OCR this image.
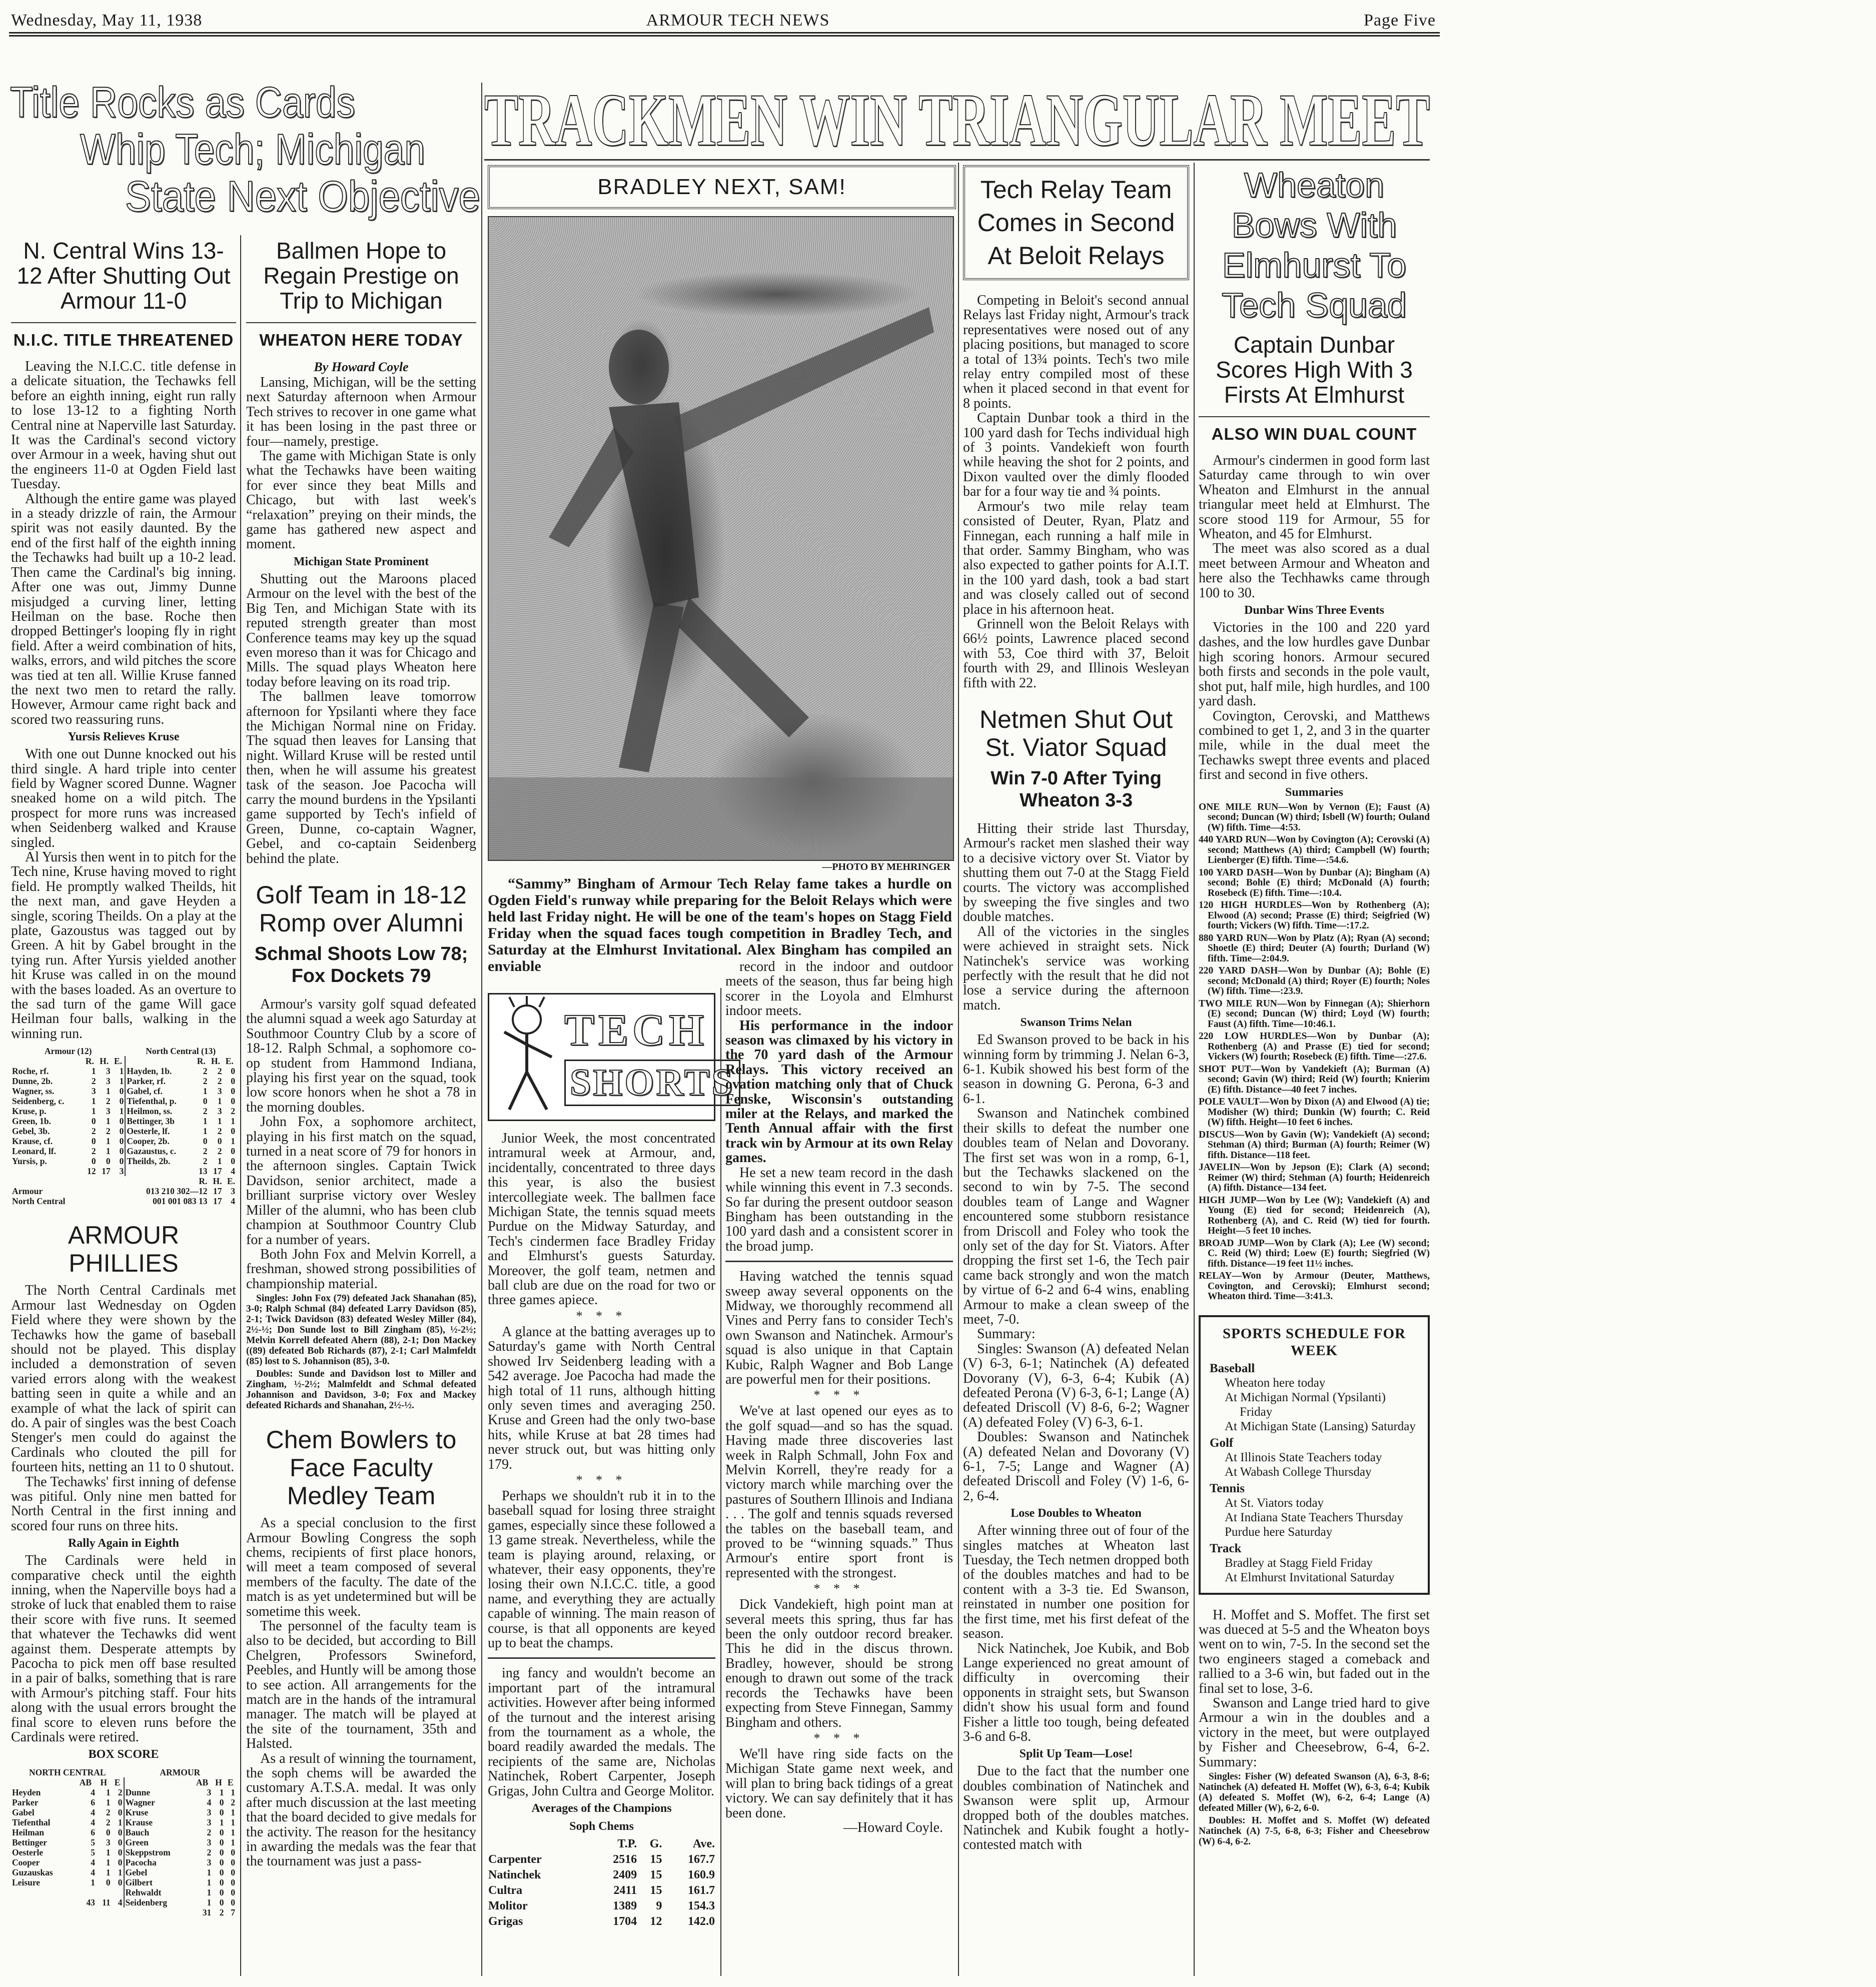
Wednesday, May 11, 1938	ARMOUR TECH NEWS	Page Five
Title Rocks as Cards
Whip Tech; Michigan
State Next Objective
TRACKMEN WIN TRIANGULAR MEET
BRADLEY NEXT, SAM!
—PHOTO BY MEHRINGER
“Sammy” Bingham of Armour Tech Relay fame takes a hurdle on Ogden Field's runway while preparing for the Beloit Relays which were held last Friday night. He will be one of the team's hopes on Stagg Field Friday when the squad faces tough competition in Bradley Tech, and Saturday at the Elmhurst Invitational. Alex Bingham has compiled an enviable

N. Central Wins 13-12 After Shutting Out Armour 11-0

N.I.C. TITLE THREATENED

Leaving the N.I.C.C. title defense in a delicate situation, the Techawks fell before an eighth inning, eight run rally to lose 13-12 to a fighting North Central nine at Naperville last Saturday. It was the Cardinal's second victory over Armour in a week, having shut out the engineers 11-0 at Ogden Field last Tuesday.

Although the entire game was played in a steady drizzle of rain, the Armour spirit was not easily daunted. By the end of the first half of the eighth inning the Techawks had built up a 10-2 lead. Then came the Cardinal's big inning. After one was out, Jimmy Dunne misjudged a curving liner, letting Heilman on the base. Roche then dropped Bettinger's looping fly in right field. After a weird combination of hits, walks, errors, and wild pitches the score was tied at ten all. Willie Kruse fanned the next two men to retard the rally. However, Armour came right back and scored two reassuring runs.

Yursis Relieves Kruse

With one out Dunne knocked out his third single. A hard triple into center field by Wagner scored Dunne. Wagner sneaked home on a wild pitch. The prospect for more runs was increased when Seidenberg walked and Krause singled.

Al Yursis then went in to pitch for the Tech nine, Kruse having moved to right field. He promptly walked Theilds, hit the next man, and gave Heyden a single, scoring Theilds. On a play at the plate, Gazoustus was tagged out by Green. A hit by Gabel brought in the tying run. After Yursis yielded another hit Kruse was called in on the mound with the bases loaded. As an overture to the sad turn of the game Will gace Heilman four balls, walking in the winning run.

Armour (12)				North Central (13)			
	R.	H.	E.		R.	H.	E.
Roche, rf.	1	3	1	Hayden, 1b.	2	2	0
Dunne, 2b.	2	3	1	Parker, rf.	2	2	0
Wagner, ss.	3	1	0	Gabel, cf.	1	3	0
Seidenberg, c.	1	2	0	Tiefenthal, p.	0	1	0
Kruse, p.	1	3	1	Heilmon, ss.	2	3	2
Green, 1b.	0	1	0	Bettinger, 3b	1	1	1
Gebel, 3b.	2	2	0	Oesterle, lf.	1	2	0
Krause, cf.	0	1	0	Cooper, 2b.	0	0	1
Leonard, lf.	2	1	0	Gazaustus, c.	2	2	0
Yursis, p.	0	0	0	Theilds, 2b.	2	1	0
	12	17	3		13	17	4
					R.	H.	E.
Armour			013 210 302—12			17	3
North Central			001 001 083 13			17	4

ARMOUR PHILLIES

The North Central Cardinals met Armour last Wednesday on Ogden Field where they were shown by the Techawks how the game of baseball should not be played. This display included a demonstration of seven varied errors along with the weakest batting seen in quite a while and an example of what the lack of spirit can do. A pair of singles was the best Coach Stenger's men could do against the Cardinals who clouted the pill for fourteen hits, netting an 11 to 0 shutout.

The Techawks' first inning of defense was pitiful. Only nine men batted for North Central in the first inning and scored four runs on three hits.

Rally Again in Eighth

The Cardinals were held in comparative check until the eighth inning, when the Naperville boys had a stroke of luck that enabled them to raise their score with five runs. It seemed that whatever the Techawks did went against them. Desperate attempts by Pacocha to pick men off base resulted in a pair of balks, something that is rare with Armour's pitching staff. Four hits along with the usual errors brought the final score to eleven runs before the Cardinals were retired.

BOX SCORE
NORTH CENTRAL				ARMOUR			
	AB	H	E		AB	H	E
Heyden	4	1	2	Dunne	3	1	1
Parker	6	1	0	Wagner	4	0	2
Gabel	4	2	0	Kruse	3	0	1
Tiefenthal	4	2	1	Krause	3	1	1
Heilman	6	0	0	Bauch	2	0	1
Bettinger	5	3	0	Green	3	0	1
Oesterle	5	1	0	Skeppstrom	2	0	0
Cooper	4	1	0	Pacocha	3	0	0
Guzauskas	4	1	1	Gebel	1	0	0
Leisure	1	0	0	Gilbert	1	0	0
				Rehwaldt	1	0	0
	43	11	4	Seidenberg	1	0	0
					31	2	7

Ballmen Hope to Regain Prestige on Trip to Michigan

WHEATON HERE TODAY

By Howard Coyle

Lansing, Michigan, will be the setting next Saturday afternoon when Armour Tech strives to recover in one game what it has been losing in the past three or four—namely, prestige.

The game with Michigan State is only what the Techawks have been waiting for ever since they beat Mills and Chicago, but with last week's “relaxation” preying on their minds, the game has gathered new aspect and moment.

Michigan State Prominent

Shutting out the Maroons placed Armour on the level with the best of the Big Ten, and Michigan State with its reputed strength greater than most Conference teams may key up the squad even moreso than it was for Chicago and Mills. The squad plays Wheaton here today before leaving on its road trip.

The ballmen leave tomorrow afternoon for Ypsilanti where they face the Michigan Normal nine on Friday. The squad then leaves for Lansing that night. Willard Kruse will be rested until then, when he will assume his greatest task of the season. Joe Pacocha will carry the mound burdens in the Ypsilanti game supported by Tech's infield of Green, Dunne, co-captain Wagner, Gebel, and co-captain Seidenberg behind the plate.

Golf Team in 18-12 Romp over Alumni

Schmal Shoots Low 78; Fox Dockets 79

Armour's varsity golf squad defeated the alumni squad a week ago Saturday at Southmoor Country Club by a score of 18-12. Ralph Schmal, a sophomore co-op student from Hammond Indiana, playing his first year on the squad, took low score honors when he shot a 78 in the morning doubles.

John Fox, a sophomore architect, playing in his first match on the squad, turned in a neat score of 79 for honors in the afternoon singles. Captain Twick Davidson, senior architect, made a brilliant surprise victory over Wesley Miller of the alumni, who has been club champion at Southmoor Country Club for a number of years.

Both John Fox and Melvin Korrell, a freshman, showed strong possibilities of championship material.

Singles: John Fox (79) defeated Jack Shanahan (85), 3-0; Ralph Schmal (84) defeated Larry Davidson (85), 2-1; Twick Davidson (83) defeated Wesley Miller (84), 2½-½; Don Sunde lost to Bill Zingham (85), ½-2½; Melvin Korrell defeated Ahern (88), 2-1; Don Mackey ((89) defeated Bob Richards (87), 2-1; Carl Malmfeldt (85) lost to S. Johannison (85), 3-0.

Doubles: Sunde and Davidson lost to Miller and Zingham, ½-2½; Malmfeldt and Schmal defeated Johannison and Davidson, 3-0; Fox and Mackey defeated Richards and Shanahan, 2½-½.

Chem Bowlers to Face Faculty Medley Team

As a special conclusion to the first Armour Bowling Congress the soph chems, recipients of first place honors, will meet a team composed of several members of the faculty. The date of the match is as yet undetermined but will be sometime this week.

The personnel of the faculty team is also to be decided, but according to Bill Chelgren, Professors Swineford, Peebles, and Huntly will be among those to see action. All arrangements for the match are in the hands of the intramural manager. The match will be played at the site of the tournament, 35th and Halsted.

As a result of winning the tournament, the soph chems will be awarded the customary A.T.S.A. medal. It was only after much discussion at the last meeting that the board decided to give medals for the activity. The reason for the hesitancy in awarding the medals was the fear that the tournament was just a pass-

TECH
SHORTS

Junior Week, the most concentrated intramural week at Armour, and, incidentally, concentrated to three days this year, is also the busiest intercollegiate week. The ballmen face Michigan State, the tennis squad meets Purdue on the Midway Saturday, and Tech's cindermen face Bradley Friday and Elmhurst's guests Saturday. Moreover, the golf team, netmen and ball club are due on the road for two or three games apiece.

* * *

A glance at the batting averages up to Saturday's game with North Central showed Irv Seidenberg leading with a 542 average. Joe Pacocha had made the high total of 11 runs, although hitting only seven times and averaging 250. Kruse and Green had the only two-base hits, while Kruse at bat 28 times had never struck out, but was hitting only 179.

* * *

Perhaps we shouldn't rub it in to the baseball squad for losing three straight games, especially since these followed a 13 game streak. Nevertheless, while the team is playing around, relaxing, or whatever, their easy opponents, they're losing their own N.I.C.C. title, a good name, and everything they are actually capable of winning. The main reason of course, is that all opponents are keyed up to beat the champs.

ing fancy and wouldn't become an important part of the intramural activities. However after being informed of the turnout and the interest arising from the tournament as a whole, the board readily awarded the medals. The recipients of the same are, Nicholas Natinchek, Robert Carpenter, Joseph Grigas, John Cultra and George Molitor.

Averages of the Champions
Soph Chems
	T.P.	G.	Ave.
Carpenter	2516	15	167.7
Natinchek	2409	15	160.9
Cultra	2411	15	161.7
Molitor	1389	9	154.3
Grigas	1704	12	142.0

record in the indoor and outdoor meets of the season, thus far being high scorer in the Loyola and Elmhurst indoor meets.

His performance in the indoor season was climaxed by his victory in the 70 yard dash of the Armour Relays. This victory received an ovation matching only that of Chuck Fenske, Wisconsin's outstanding miler at the Relays, and marked the Tenth Annual affair with the first track win by Armour at its own Relay games.

He set a new team record in the dash while winning this event in 7.3 seconds. So far during the present outdoor season Bingham has been outstanding in the 100 yard dash and a consistent scorer in the broad jump.

Having watched the tennis squad sweep away several opponents on the Midway, we thoroughly recommend all Vines and Perry fans to consider Tech's own Swanson and Natinchek. Armour's squad is also unique in that Captain Kubic, Ralph Wagner and Bob Lange are powerful men for their positions.

* * *

We've at last opened our eyes as to the golf squad—and so has the squad. Having made three discoveries last week in Ralph Schmall, John Fox and Melvin Korrell, they're ready for a victory march while marching over the pastures of Southern Illinois and Indiana . . . The golf and tennis squads reversed the tables on the baseball team, and proved to be “winning squads.” Thus Armour's entire sport front is represented with the strongest.

* * *

Dick Vandekieft, high point man at several meets this spring, thus far has been the only outdoor record breaker. This he did in the discus thrown. Bradley, however, should be strong enough to drawn out some of the track records the Techawks have been expecting from Steve Finnegan, Sammy Bingham and others.

* * *

We'll have ring side facts on the Michigan State game next week, and will plan to bring back tidings of a great victory. We can say definitely that it has been done.

—Howard Coyle.

Tech Relay Team Comes in Second At Beloit Relays

Competing in Beloit's second annual Relays last Friday night, Armour's track representatives were nosed out of any placing positions, but managed to score a total of 13¾ points. Tech's two mile relay entry compiled most of these when it placed second in that event for 8 points.

Captain Dunbar took a third in the 100 yard dash for Techs individual high of 3 points. Vandekieft won fourth while heaving the shot for 2 points, and Dixon vaulted over the dimly flooded bar for a four way tie and ¾ points.

Armour's two mile relay team consisted of Deuter, Ryan, Platz and Finnegan, each running a half mile in that order. Sammy Bingham, who was also expected to gather points for A.I.T. in the 100 yard dash, took a bad start and was closely called out of second place in his afternoon heat.

Grinnell won the Beloit Relays with 66½ points, Lawrence placed second with 53, Coe third with 37, Beloit fourth with 29, and Illinois Wesleyan fifth with 22.

Netmen Shut Out St. Viator Squad

Win 7-0 After Tying Wheaton 3-3

Hitting their stride last Thursday, Armour's racket men slashed their way to a decisive victory over St. Viator by shutting them out 7-0 at the Stagg Field courts. The victory was accomplished by sweeping the five singles and two double matches.

All of the victories in the singles were achieved in straight sets. Nick Natinchek's service was working perfectly with the result that he did not lose a service during the afternoon match.

Swanson Trims Nelan

Ed Swanson proved to be back in his winning form by trimming J. Nelan 6-3, 6-1. Kubik showed his best form of the season in downing G. Perona, 6-3 and 6-1.

Swanson and Natinchek combined their skills to defeat the number one doubles team of Nelan and Dovorany. The first set was won in a romp, 6-1, but the Techawks slackened on the second to win by 7-5. The second doubles team of Lange and Wagner encountered some stubborn resistance from Driscoll and Foley who took the only set of the day for St. Viators. After dropping the first set 1-6, the Tech pair came back strongly and won the match by virtue of 6-2 and 6-4 wins, enabling Armour to make a clean sweep of the meet, 7-0.

Summary:

Singles: Swanson (A) defeated Nelan (V) 6-3, 6-1; Natinchek (A) defeated Dovorany (V), 6-3, 6-4; Kubik (A) defeated Perona (V) 6-3, 6-1; Lange (A) defeated Driscoll (V) 8-6, 6-2; Wagner (A) defeated Foley (V) 6-3, 6-1.

Doubles: Swanson and Natinchek (A) defeated Nelan and Dovorany (V) 6-1, 7-5; Lange and Wagner (A) defeated Driscoll and Foley (V) 1-6, 6-2, 6-4.

Lose Doubles to Wheaton

After winning three out of four of the singles matches at Wheaton last Tuesday, the Tech netmen dropped both of the doubles matches and had to be content with a 3-3 tie. Ed Swanson, reinstated in number one position for the first time, met his first defeat of the season.

Nick Natinchek, Joe Kubik, and Bob Lange experienced no great amount of difficulty in overcoming their opponents in straight sets, but Swanson didn't show his usual form and found Fisher a little too tough, being defeated 3-6 and 6-8.

Split Up Team—Lose!

Due to the fact that the number one doubles combination of Natinchek and Swanson were split up, Armour dropped both of the doubles matches. Natinchek and Kubik fought a hotly-contested match with

Wheaton Bows With Elmhurst To Tech Squad

Captain Dunbar Scores High With 3 Firsts At Elmhurst

ALSO WIN DUAL COUNT

Armour's cindermen in good form last Saturday came through to win over Wheaton and Elmhurst in the annual triangular meet held at Elmhurst. The score stood 119 for Armour, 55 for Wheaton, and 45 for Elmhurst.

The meet was also scored as a dual meet between Armour and Wheaton and here also the Techhawks came through 100 to 30.

Dunbar Wins Three Events

Victories in the 100 and 220 yard dashes, and the low hurdles gave Dunbar high scoring honors. Armour secured both firsts and seconds in the pole vault, shot put, half mile, high hurdles, and 100 yard dash.

Covington, Cerovski, and Matthews combined to get 1, 2, and 3 in the quarter mile, while in the dual meet the Techawks swept three events and placed first and second in five others.

Summaries

ONE MILE RUN—Won by Vernon (E); Faust (A) second; Duncan (W) third; Isbell (W) fourth; Ouland (W) fifth. Time—4:53.

440 YARD RUN—Won by Covington (A); Cerovski (A) second; Matthews (A) third; Campbell (W) fourth; Lienberger (E) fifth. Time—:54.6.

100 YARD DASH—Won by Dunbar (A); Bingham (A) second; Bohle (E) third; McDonald (A) fourth; Rosebeck (E) fifth. Time—:10.4.

120 HIGH HURDLES—Won by Rothenberg (A); Elwood (A) second; Prasse (E) third; Seigfried (W) fourth; Vickers (W) fifth. Time—:17.2.

880 YARD RUN—Won by Platz (A); Ryan (A) second; Shoetle (E) third; Deuter (A) fourth; Durland (W) fifth. Time—2:04.9.

220 YARD DASH—Won by Dunbar (A); Bohle (E) second; McDonald (A) third; Royer (E) fourth; Noles (W) fifth. Time—:23.9.

TWO MILE RUN—Won by Finnegan (A); Shierhorn (E) second; Duncan (W) third; Loyd (W) fourth; Faust (A) fifth. Time—10:46.1.

220 LOW HURDLES—Won by Dunbar (A); Rothenberg (A) and Prasse (E) tied for second; Vickers (W) fourth; Rosebeck (E) fifth. Time—:27.6.

SHOT PUT—Won by Vandekieft (A); Burman (A) second; Gavin (W) third; Reid (W) fourth; Knierim (E) fifth. Distance—40 feet 7 inches.

POLE VAULT—Won by Dixon (A) and Elwood (A) tie; Modisher (W) third; Dunkin (W) fourth; C. Reid (W) fifth. Height—10 feet 6 inches.

DISCUS—Won by Gavin (W); Vandekieft (A) second; Stehman (A) third; Burman (A) fourth; Reimer (W) fifth. Distance—118 feet.

JAVELIN—Won by Jepson (E); Clark (A) second; Reimer (W) third; Stehman (A) fourth; Heidenreich (A) fifth. Distance—134 feet.

HIGH JUMP—Won by Lee (W); Vandekieft (A) and Young (E) tied for second; Heidenreich (A), Rothenberg (A), and C. Reid (W) tied for fourth. Height—5 feet 10 inches.

BROAD JUMP—Won by Clark (A); Lee (W) second; C. Reid (W) third; Loew (E) fourth; Siegfried (W) fifth. Distance—19 feet 11½ inches.

RELAY—Won by Armour (Deuter, Matthews, Covington, and Cerovski); Elmhurst second; Wheaton third. Time—3:41.3.

SPORTS SCHEDULE FOR WEEK
Baseball
Wheaton here today
At Michigan Normal (Ypsilanti) Friday
At Michigan State (Lansing) Saturday
Golf
At Illinois State Teachers today
At Wabash College Thursday
Tennis
At St. Viators today
At Indiana State Teachers Thursday
Purdue here Saturday
Track
Bradley at Stagg Field Friday
At Elmhurst Invitational Saturday

H. Moffet and S. Moffet. The first set was dueced at 5-5 and the Wheaton boys went on to win, 7-5. In the second set the two engineers staged a comeback and rallied to a 3-6 win, but faded out in the final set to lose, 3-6.

Swanson and Lange tried hard to give Armour a win in the doubles and a victory in the meet, but were outplayed by Fisher and Cheesebrow, 6-4, 6-2. Summary:

Singles: Fisher (W) defeated Swanson (A), 6-3, 8-6; Natinchek (A) defeated H. Moffet (W), 6-3, 6-4; Kubik (A) defeated S. Moffet (W), 6-2, 6-4; Lange (A) defeated Miller (W), 6-2, 6-0.

Doubles: H. Moffet and S. Moffet (W) defeated Natinchek (A) 7-5, 6-8, 6-3; Fisher and Cheesebrow (W) 6-4, 6-2.
